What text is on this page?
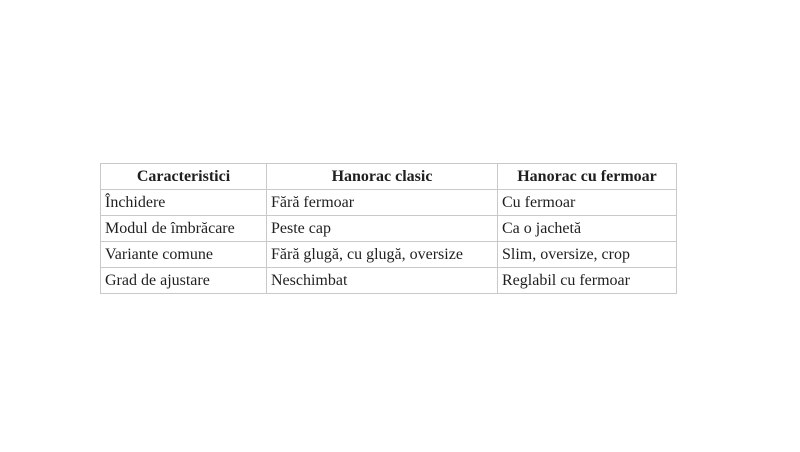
Caracteristici	Hanorac clasic	Hanorac cu fermoar
Închidere	Fără fermoar	Cu fermoar
Modul de îmbrăcare	Peste cap	Ca o jachetă
Variante comune	Fără glugă, cu glugă, oversize	Slim, oversize, crop
Grad de ajustare	Neschimbat	Reglabil cu fermoar
